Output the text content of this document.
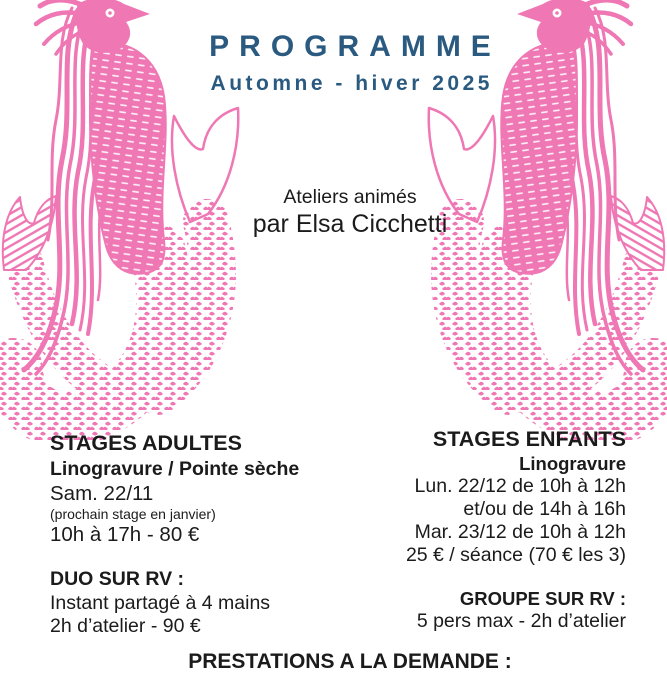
PROGRAMME
Automne - hiver 2025
Ateliers animés
par Elsa Cicchetti
STAGES ADULTES
Linogravure / Pointe sèche
Sam. 22/11
(prochain stage en janvier)
10h à 17h - 80 €
DUO SUR RV :
Instant partagé à 4 mains
2h d’atelier - 90 €
STAGES ENFANTS
Linogravure
Lun. 22/12 de 10h à 12h
et/ou de 14h à 16h
Mar. 23/12 de 10h à 12h
25 € / séance (70 € les 3)
GROUPE SUR RV :
5 pers max - 2h d’atelier
PRESTATIONS A LA DEMANDE :
